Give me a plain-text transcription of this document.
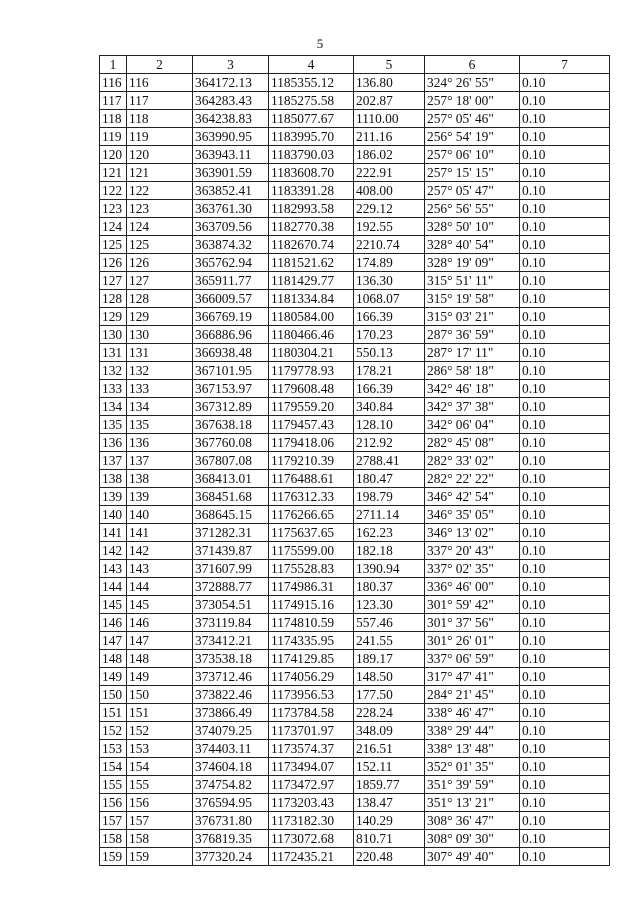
5
1	2	3	4	5	6	7
116	116	364172.13	1185355.12	136.80	324° 26' 55"	0.10
117	117	364283.43	1185275.58	202.87	257° 18' 00"	0.10
118	118	364238.83	1185077.67	1110.00	257° 05' 46"	0.10
119	119	363990.95	1183995.70	211.16	256° 54' 19"	0.10
120	120	363943.11	1183790.03	186.02	257° 06' 10"	0.10
121	121	363901.59	1183608.70	222.91	257° 15' 15"	0.10
122	122	363852.41	1183391.28	408.00	257° 05' 47"	0.10
123	123	363761.30	1182993.58	229.12	256° 56' 55"	0.10
124	124	363709.56	1182770.38	192.55	328° 50' 10"	0.10
125	125	363874.32	1182670.74	2210.74	328° 40' 54"	0.10
126	126	365762.94	1181521.62	174.89	328° 19' 09"	0.10
127	127	365911.77	1181429.77	136.30	315° 51' 11"	0.10
128	128	366009.57	1181334.84	1068.07	315° 19' 58"	0.10
129	129	366769.19	1180584.00	166.39	315° 03' 21"	0.10
130	130	366886.96	1180466.46	170.23	287° 36' 59"	0.10
131	131	366938.48	1180304.21	550.13	287° 17' 11"	0.10
132	132	367101.95	1179778.93	178.21	286° 58' 18"	0.10
133	133	367153.97	1179608.48	166.39	342° 46' 18"	0.10
134	134	367312.89	1179559.20	340.84	342° 37' 38"	0.10
135	135	367638.18	1179457.43	128.10	342° 06' 04"	0.10
136	136	367760.08	1179418.06	212.92	282° 45' 08"	0.10
137	137	367807.08	1179210.39	2788.41	282° 33' 02"	0.10
138	138	368413.01	1176488.61	180.47	282° 22' 22"	0.10
139	139	368451.68	1176312.33	198.79	346° 42' 54"	0.10
140	140	368645.15	1176266.65	2711.14	346° 35' 05"	0.10
141	141	371282.31	1175637.65	162.23	346° 13' 02"	0.10
142	142	371439.87	1175599.00	182.18	337° 20' 43"	0.10
143	143	371607.99	1175528.83	1390.94	337° 02' 35"	0.10
144	144	372888.77	1174986.31	180.37	336° 46' 00"	0.10
145	145	373054.51	1174915.16	123.30	301° 59' 42"	0.10
146	146	373119.84	1174810.59	557.46	301° 37' 56"	0.10
147	147	373412.21	1174335.95	241.55	301° 26' 01"	0.10
148	148	373538.18	1174129.85	189.17	337° 06' 59"	0.10
149	149	373712.46	1174056.29	148.50	317° 47' 41"	0.10
150	150	373822.46	1173956.53	177.50	284° 21' 45"	0.10
151	151	373866.49	1173784.58	228.24	338° 46' 47"	0.10
152	152	374079.25	1173701.97	348.09	338° 29' 44"	0.10
153	153	374403.11	1173574.37	216.51	338° 13' 48"	0.10
154	154	374604.18	1173494.07	152.11	352° 01' 35"	0.10
155	155	374754.82	1173472.97	1859.77	351° 39' 59"	0.10
156	156	376594.95	1173203.43	138.47	351° 13' 21"	0.10
157	157	376731.80	1173182.30	140.29	308° 36' 47"	0.10
158	158	376819.35	1173072.68	810.71	308° 09' 30"	0.10
159	159	377320.24	1172435.21	220.48	307° 49' 40"	0.10
